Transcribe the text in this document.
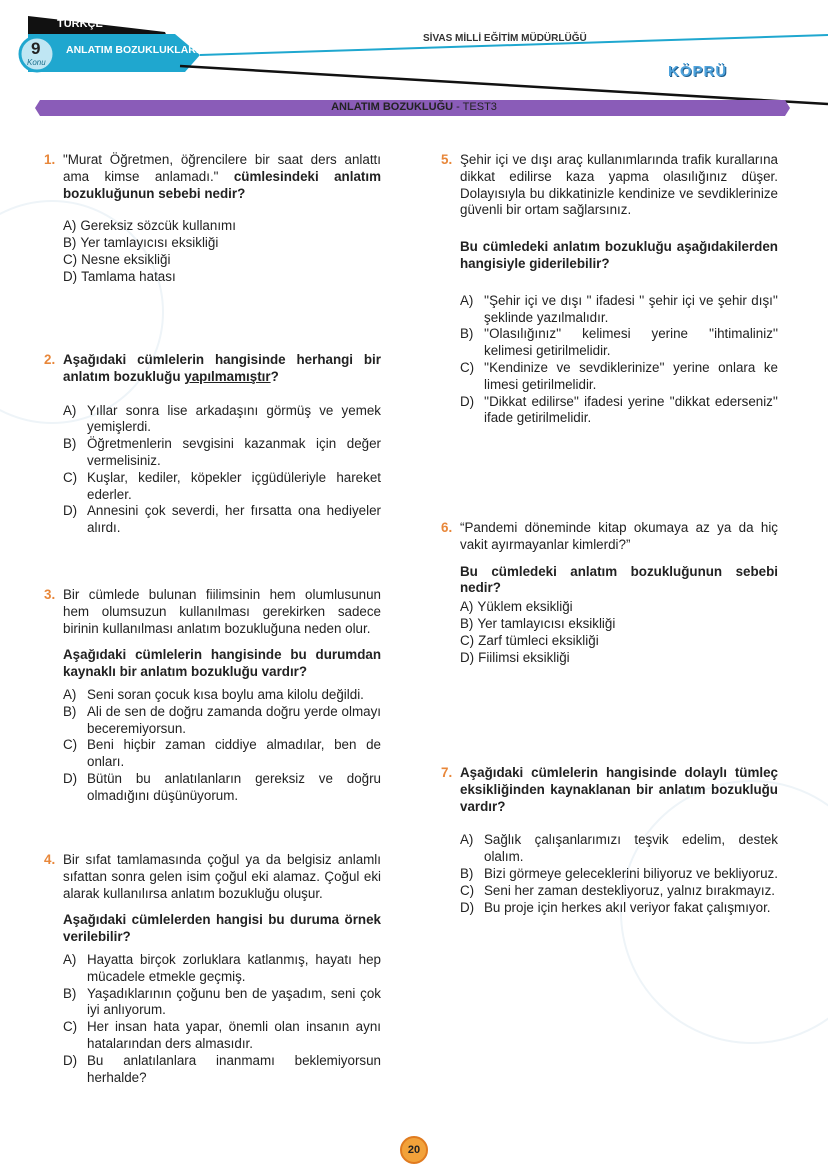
TÜRKÇE
9
Konu
ANLATIM BOZUKLUKLARI
SİVAS MİLLİ EĞİTİM MÜDÜRLÜĞÜ
KÖPRÜ
ANLATIM BOZUKLUĞU - TEST3
1. "Murat Öğretmen, öğrencilere bir saat ders anlattı ama kimse anlamadı." cümlesindeki anlatım bozukluğunun sebebi nedir?

A) Gereksiz sözcük kullanımı
B) Yer tamlayıcısı eksikliği
C) Nesne eksikliği
D) Tamlama hatası
2. Aşağıdaki cümlelerin hangisinde herhangi bir anlatım bozukluğu yapılmamıştır?

A) Yıllar sonra lise arkadaşını görmüş ve yemek yemişlerdi.
B) Öğretmenlerin sevgisini kazanmak için değer vermelisiniz.
C) Kuşlar, kediler, köpekler içgüdüleriyle hareket ederler.
D) Annesini çok severdi, her fırsatta ona hediyeler alırdı.
3. Bir cümlede bulunan fiilimsinin hem olumlusunun hem olumsuzun kullanılması gerekirken sadece birinin kullanılması anlatım bozukluğuna neden olur.

Aşağıdaki cümlelerin hangisinde bu durumdan kaynaklı bir anlatım bozukluğu vardır?

A) Seni soran çocuk kısa boylu ama kilolu değildi.
B) Ali de sen de doğru zamanda doğru yerde olmayı beceremiyorsun.
C) Beni hiçbir zaman ciddiye almadılar, ben de onları.
D) Bütün bu anlatılanların gereksiz ve doğru olmadığını düşünüyorum.
4. Bir sıfat tamlamasında çoğul ya da belgisiz anlamlı sıfattan sonra gelen isim çoğul eki alamaz. Çoğul eki alarak kullanılırsa anlatım bozukluğu oluşur.

Aşağıdaki cümlelerden hangisi bu duruma örnek verilebilir?

A) Hayatta birçok zorluklara katlanmış, hayatı hep mücadele etmekle geçmiş.
B) Yaşadıklarının çoğunu ben de yaşadım, seni çok iyi anlıyorum.
C) Her insan hata yapar, önemli olan insanın aynı hatalarından ders almasıdır.
D) Bu anlatılanlara inanmamı beklemiyorsun herhalde?
5. Şehir içi ve dışı araç kullanımlarında trafik kurallarına dikkat edilirse kaza yapma olasılığınız düşer. Dolayısıyla bu dikkatinizle kendinize ve sevdiklerinize güvenli bir ortam sağlarsınız.

Bu cümledeki anlatım bozukluğu aşağıdakilerden hangisiyle giderilebilir?

A) ''Şehir içi ve dışı '' ifadesi '' şehir içi ve şehir dışı'' şeklinde yazılmalıdır.
B) ''Olasılığınız'' kelimesi yerine ''ihtimaliniz'' kelimesi getirilmelidir.
C) ''Kendinize ve sevdiklerinize'' yerine onlara ke limesi getirilmelidir.
D) ''Dikkat edilirse'' ifadesi yerine ''dikkat ederseniz'' ifade getirilmelidir.
6. “Pandemi döneminde kitap okumaya az ya da hiç vakit ayırmayanlar kimlerdi?”

Bu cümledeki anlatım bozukluğunun sebebi nedir?

A) Yüklem eksikliği
B) Yer tamlayıcısı eksikliği
C) Zarf tümleci eksikliği
D) Fiilimsi eksikliği
7. Aşağıdaki cümlelerin hangisinde dolaylı tümleç eksikliğinden kaynaklanan bir anlatım bozukluğu vardır?

A) Sağlık çalışanlarımızı teşvik edelim, destek olalım.
B) Bizi görmeye geleceklerini biliyoruz ve bekliyoruz.
C) Seni her zaman destekliyoruz, yalnız bırakmayız.
D) Bu proje için herkes akıl veriyor fakat çalışmıyor.
20
